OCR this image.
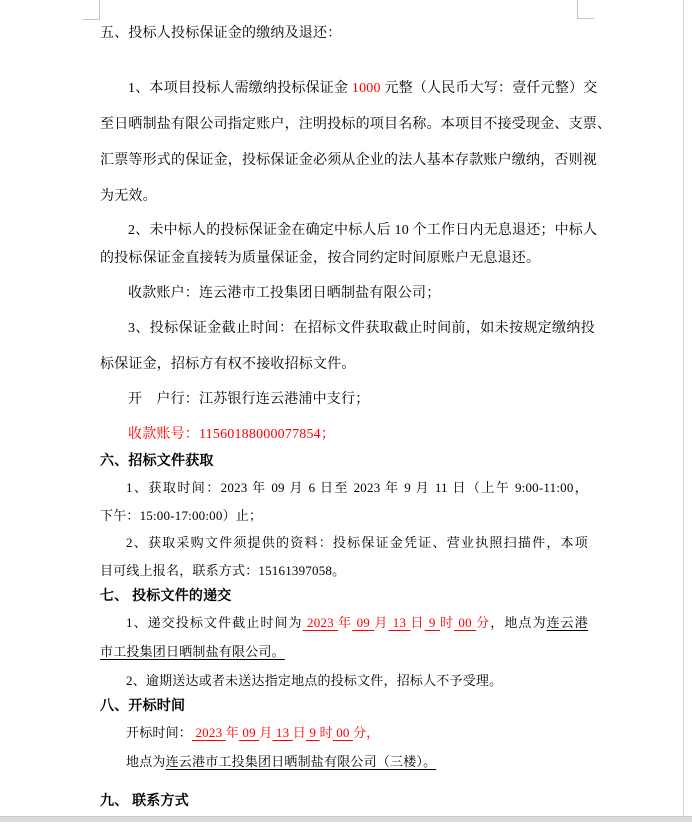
五、投标人投标保证金的缴纳及退还：
1、本项目投标人需缴纳投标保证金 1000 元整（人民币大写：壹仟元整）交
至日晒制盐有限公司指定账户，注明投标的项目名称。本项目不接受现金、支票、
汇票等形式的保证金，投标保证金必须从企业的法人基本存款账户缴纳，否则视
为无效。
2、未中标人的投标保证金在确定中标人后 10 个工作日内无息退还；中标人
的投标保证金直接转为质量保证金，按合同约定时间原账户无息退还。
收款账户：连云港市工投集团日晒制盐有限公司；
3、投标保证金截止时间：在招标文件获取截止时间前，如未按规定缴纳投
标保证金，招标方有权不接收招标文件。
开　户行：江苏银行连云港浦中支行；
收款账号：11560188000077854；
六、招标文件获取
1、获取时间：2023 年 09 月 6 日至 2023 年 9 月 11 日（上午 9:00-11:00，
下午：15:00-17:00:00）止；
2、获取采购文件须提供的资料：投标保证金凭证、营业执照扫描件，本项
目可线上报名，联系方式：15161397058。
七、 投标文件的递交
1、递交投标文件截止时间为 2023 年 09 月 13 日 9 时 00 分，地点为连云港
市工投集团日晒制盐有限公司。
2、逾期送达或者未送达指定地点的投标文件，招标人不予受理。
八、开标时间
开标时间： 2023 年 09 月 13 日 9 时 00 分，
地点为连云港市工投集团日晒制盐有限公司（三楼）。
九、 联系方式
